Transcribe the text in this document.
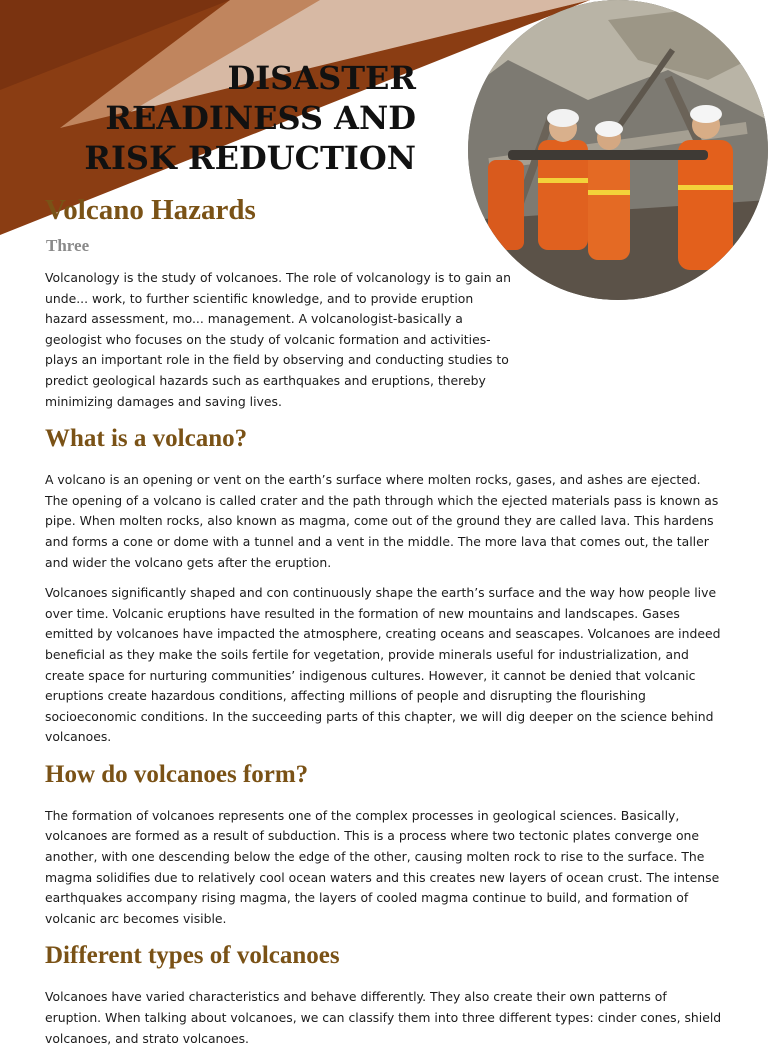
DISASTER
READINESS AND
RISK REDUCTION
Volcano Hazards
Three

Volcanology is the study of volcanoes. The role of volcanology is to gain an unde... work, to further scientific knowledge, and to provide eruption hazard assessment, mo... management. A volcanologist-basically a geologist who focuses on the study of volcanic formation and activities-plays an important role in the field by observing and conducting studies to predict geological hazards such as earthquakes and eruptions, thereby minimizing damages and saving lives.

What is a volcano?

A volcano is an opening or vent on the earth’s surface where molten rocks, gases, and ashes are ejected. The opening of a volcano is called crater and the path through which the ejected materials pass is known as pipe. When molten rocks, also known as magma, come out of the ground they are called lava. This hardens and forms a cone or dome with a tunnel and a vent in the middle. The more lava that comes out, the taller and wider the volcano gets after the eruption.

Volcanoes significantly shaped and con continuously shape the earth’s surface and the way how people live over time. Volcanic eruptions have resulted in the formation of new mountains and landscapes. Gases emitted by volcanoes have impacted the atmosphere, creating oceans and seascapes. Volcanoes are indeed beneficial as they make the soils fertile for vegetation, provide minerals useful for industrialization, and create space for nurturing communities’ indigenous cultures. However, it cannot be denied that volcanic eruptions create hazardous conditions, affecting millions of people and disrupting the flourishing socioeconomic conditions. In the succeeding parts of this chapter, we will dig deeper on the science behind volcanoes.

How do volcanoes form?

The formation of volcanoes represents one of the complex processes in geological sciences. Basically, volcanoes are formed as a result of subduction. This is a process where two tectonic plates converge one another, with one descending below the edge of the other, causing molten rock to rise to the surface. The magma solidifies due to relatively cool ocean waters and this creates new layers of ocean crust. The intense earthquakes accompany rising magma, the layers of cooled magma continue to build, and formation of volcanic arc becomes visible.

Different types of volcanoes

Volcanoes have varied characteristics and behave differently. They also create their own patterns of eruption. When talking about volcanoes, we can classify them into three different types: cinder cones, shield volcanoes, and strato volcanoes.
